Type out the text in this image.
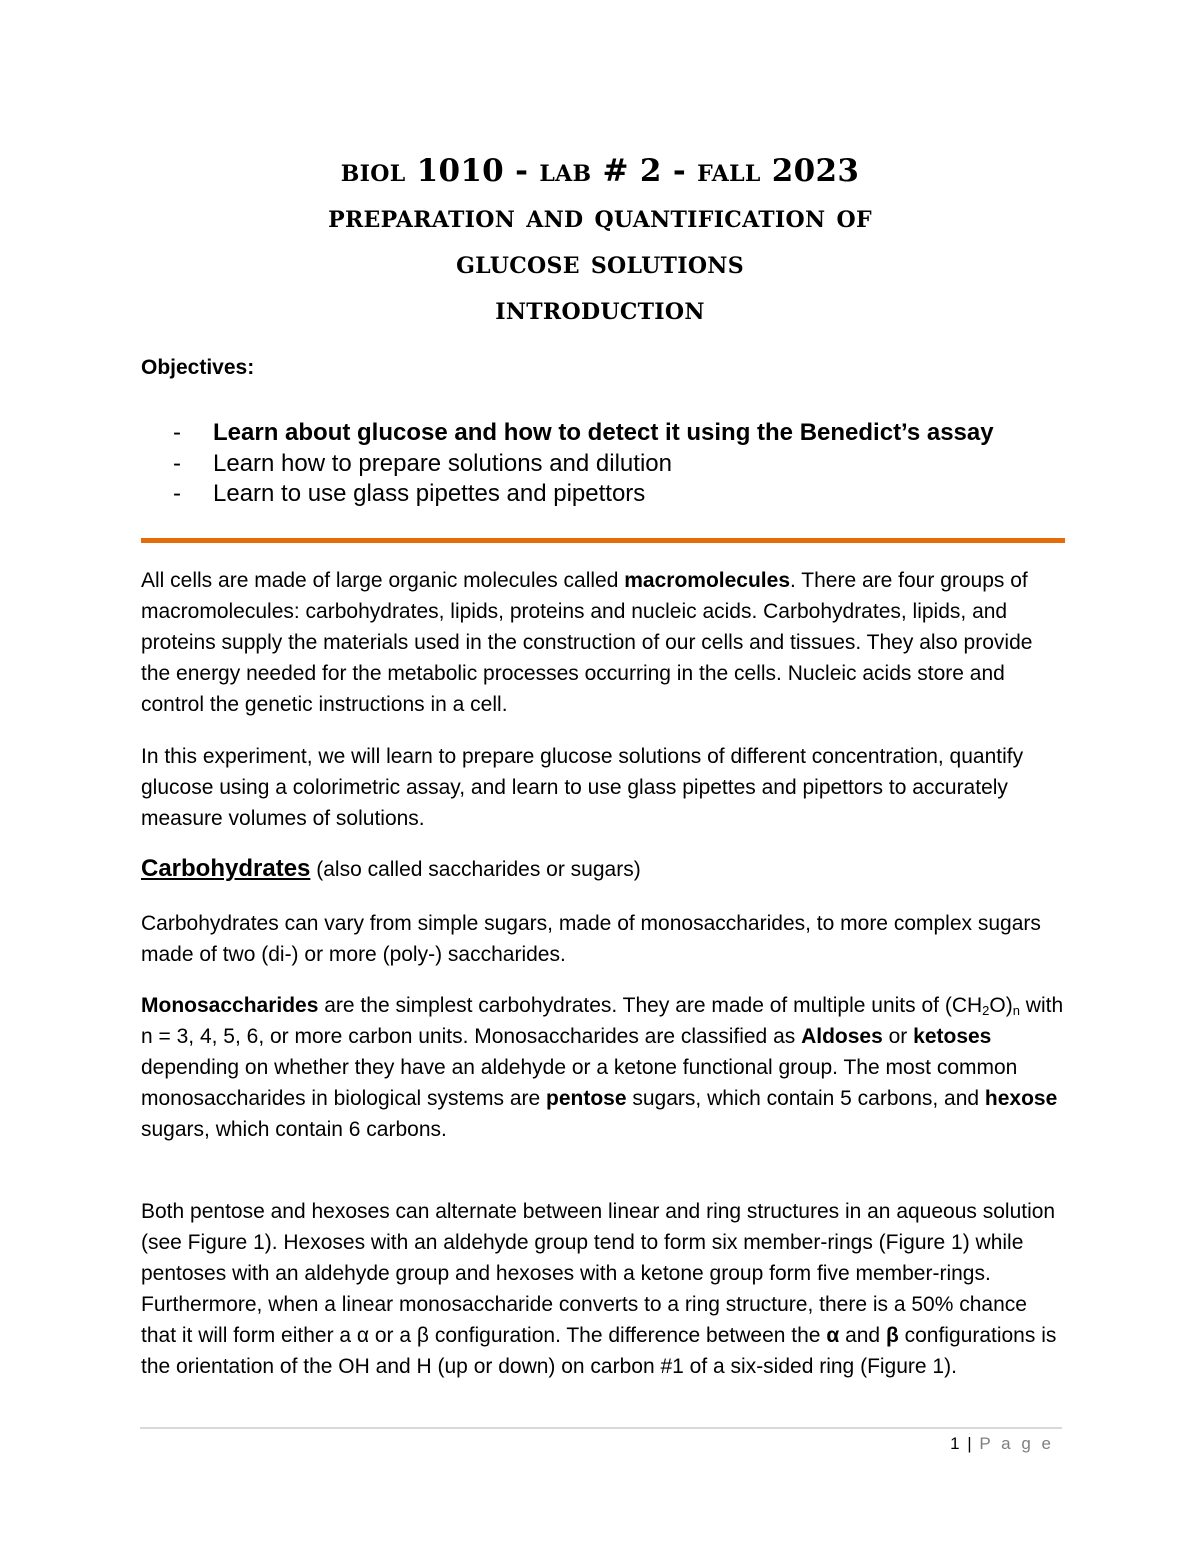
biol 1010 - lab # 2 - fall 2023

preparation and quantification of

glucose solutions

introduction

Objectives:

-	Learn about glucose and how to detect it using the Benedict’s assay
-	Learn how to prepare solutions and dilution
-	Learn to use glass pipettes and pipettors

All cells are made of large organic molecules called macromolecules. There are four groups of macromolecules: carbohydrates, lipids, proteins and nucleic acids. Carbohydrates, lipids, and proteins supply the materials used in the construction of our cells and tissues. They also provide the energy needed for the metabolic processes occurring in the cells. Nucleic acids store and control the genetic instructions in a cell.

In this experiment, we will learn to prepare glucose solutions of different concentration, quantify glucose using a colorimetric assay, and learn to use glass pipettes and pipettors to accurately measure volumes of solutions.

Carbohydrates (also called saccharides or sugars)

Carbohydrates can vary from simple sugars, made of monosaccharides, to more complex sugars made of two (di-) or more (poly-) saccharides.

Monosaccharides are the simplest carbohydrates. They are made of multiple units of $(CH_2O)_n$ with n = 3, 4, 5, 6, or more carbon units. Monosaccharides are classified as Aldoses or ketoses depending on whether they have an aldehyde or a ketone functional group. The most common monosaccharides in biological systems are pentose sugars, which contain 5 carbons, and hexose sugars, which contain 6 carbons.

Both pentose and hexoses can alternate between linear and ring structures in an aqueous solution (see Figure 1). Hexoses with an aldehyde group tend to form six member-rings (Figure 1) while pentoses with an aldehyde group and hexoses with a ketone group form five member-rings. Furthermore, when a linear monosaccharide converts to a ring structure, there is a 50% chance that it will form either a α or a β configuration. The difference between the α and β configurations is the orientation of the OH and H (up or down) on carbon #1 of a six-sided ring (Figure 1).

1 | P a g e
